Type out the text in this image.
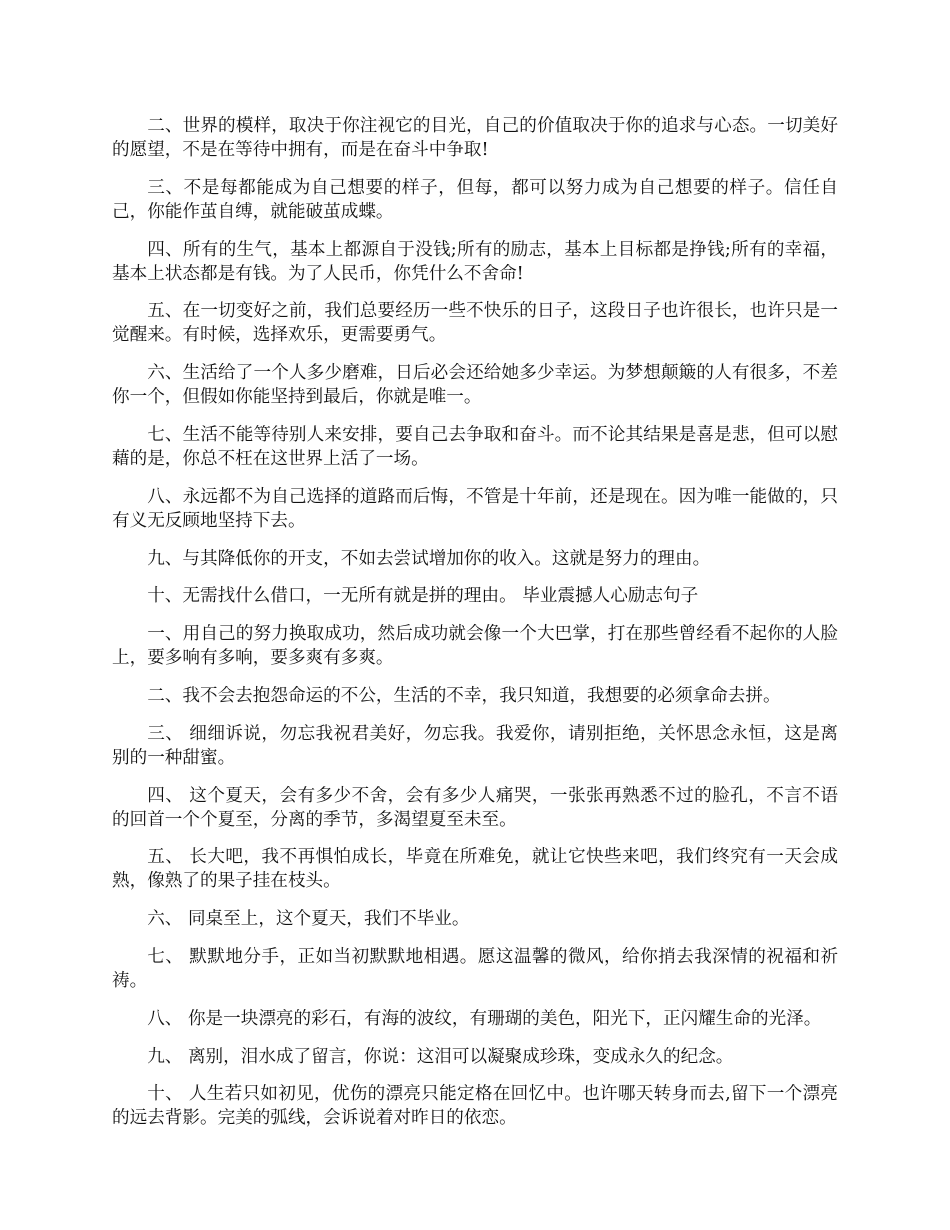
二、世界的模样，取决于你注视它的目光，自己的价值取决于你的追求与心态。一切美好的愿望，不是在等待中拥有，而是在奋斗中争取!

三、不是每都能成为自己想要的样子，但每，都可以努力成为自己想要的样子。信任自己，你能作茧自缚，就能破茧成蝶。

四、所有的生气，基本上都源自于没钱;所有的励志，基本上目标都是挣钱;所有的幸福，基本上状态都是有钱。为了人民币，你凭什么不舍命!

五、在一切变好之前，我们总要经历一些不快乐的日子，这段日子也许很长，也许只是一觉醒来。有时候，选择欢乐，更需要勇气。

六、生活给了一个人多少磨难，日后必会还给她多少幸运。为梦想颠簸的人有很多，不差你一个，但假如你能坚持到最后，你就是唯一。

七、生活不能等待别人来安排，要自己去争取和奋斗。而不论其结果是喜是悲，但可以慰藉的是，你总不枉在这世界上活了一场。

八、永远都不为自己选择的道路而后悔，不管是十年前，还是现在。因为唯一能做的，只有义无反顾地坚持下去。

九、与其降低你的开支，不如去尝试增加你的收入。这就是努力的理由。

十、无需找什么借口，一无所有就是拼的理由。 毕业震撼人心励志句子

一、用自己的努力换取成功，然后成功就会像一个大巴掌，打在那些曾经看不起你的人脸上，要多响有多响，要多爽有多爽。

二、我不会去抱怨命运的不公，生活的不幸，我只知道，我想要的必须拿命去拼。

三、 细细诉说，勿忘我祝君美好，勿忘我。我爱你，请别拒绝，关怀思念永恒，这是离别的一种甜蜜。

四、 这个夏天，会有多少不舍，会有多少人痛哭，一张张再熟悉不过的脸孔，不言不语的回首一个个夏至，分离的季节，多渴望夏至未至。

五、 长大吧，我不再惧怕成长，毕竟在所难免，就让它快些来吧，我们终究有一天会成熟，像熟了的果子挂在枝头。

六、 同桌至上，这个夏天，我们不毕业。

七、 默默地分手，正如当初默默地相遇。愿这温馨的微风，给你捎去我深情的祝福和祈祷。

八、 你是一块漂亮的彩石，有海的波纹，有珊瑚的美色，阳光下，正闪耀生命的光泽。

九、 离别，泪水成了留言，你说：这泪可以凝聚成珍珠，变成永久的纪念。

十、 人生若只如初见，优伤的漂亮只能定格在回忆中。也许哪天转身而去,留下一个漂亮的远去背影。完美的弧线，会诉说着对昨日的依恋。
